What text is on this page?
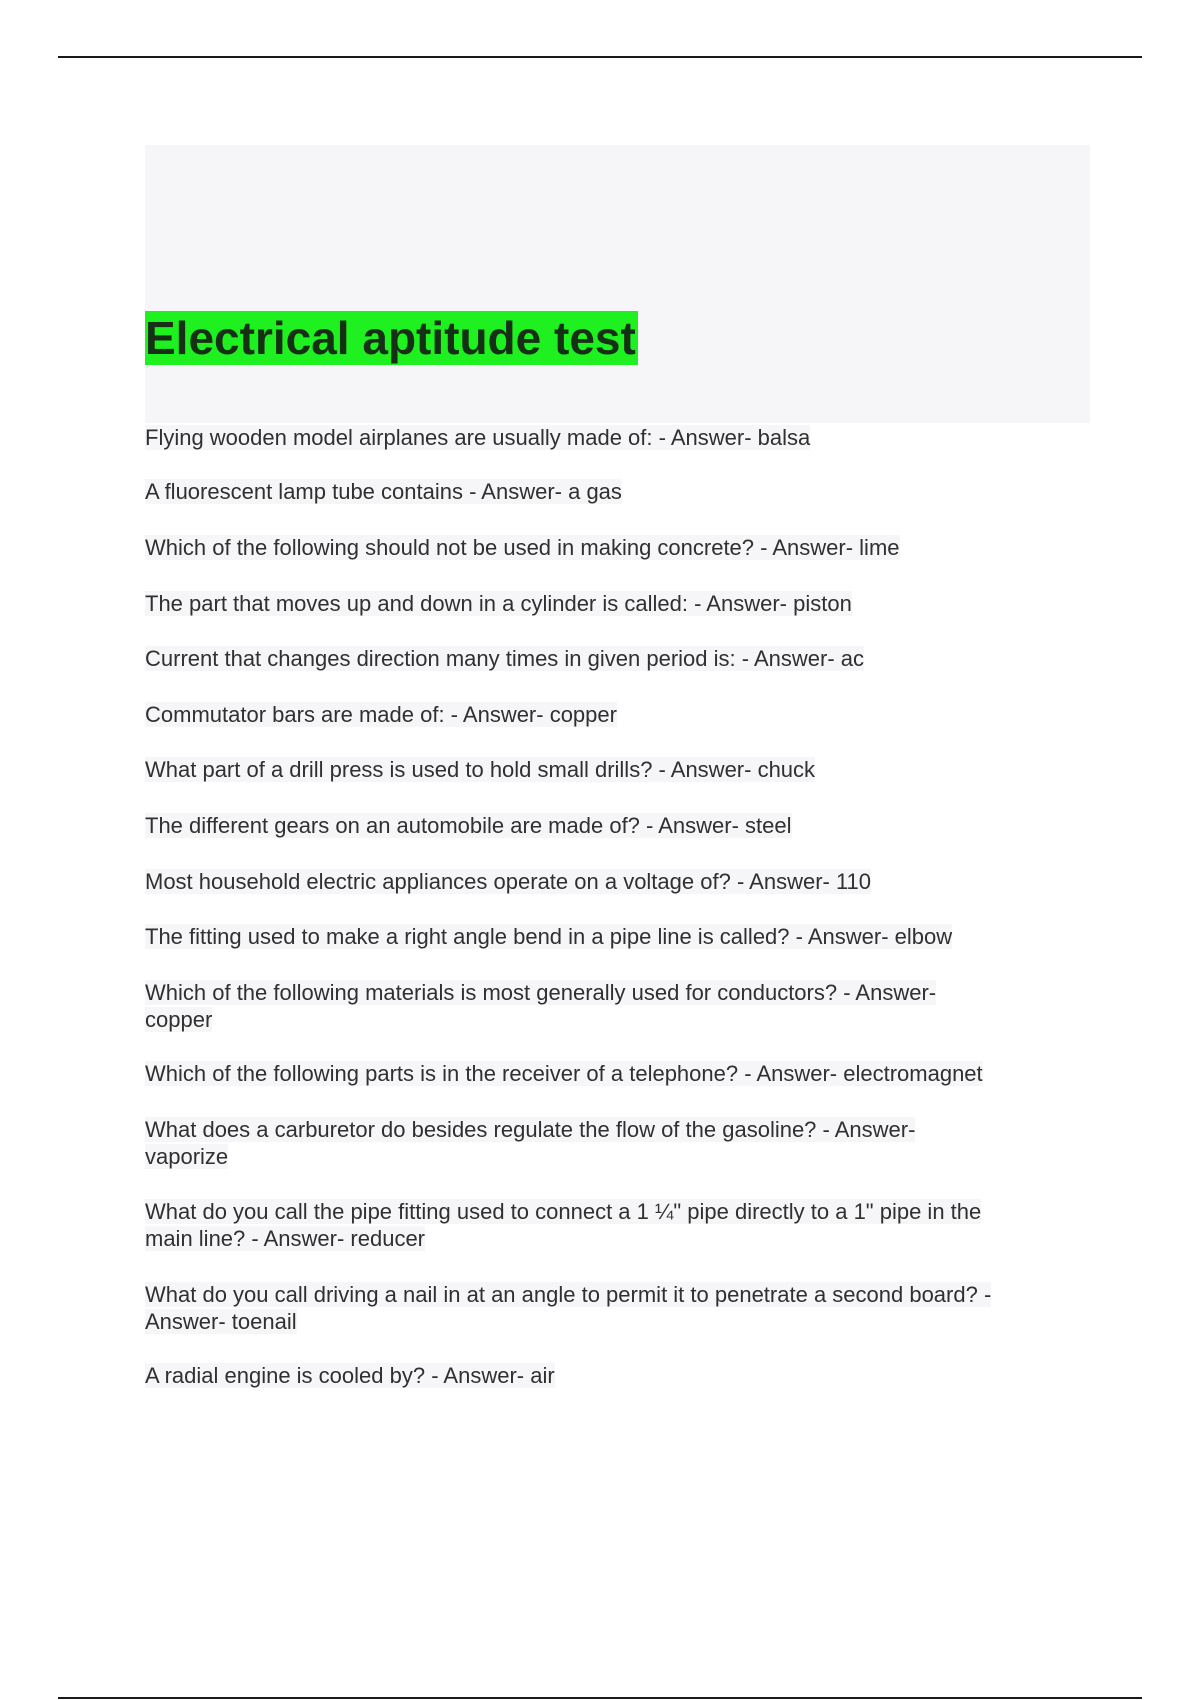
Electrical aptitude test
Flying wooden model airplanes are usually made of: - Answer- balsa
A fluorescent lamp tube contains - Answer- a gas
Which of the following should not be used in making concrete? - Answer- lime
The part that moves up and down in a cylinder is called: - Answer- piston
Current that changes direction many times in given period is: - Answer- ac
Commutator bars are made of: - Answer- copper
What part of a drill press is used to hold small drills? - Answer- chuck
The different gears on an automobile are made of? - Answer- steel
Most household electric appliances operate on a voltage of? - Answer- 110
The fitting used to make a right angle bend in a pipe line is called? - Answer- elbow
Which of the following materials is most generally used for conductors? - Answer-
copper
Which of the following parts is in the receiver of a telephone? - Answer- electromagnet
What does a carburetor do besides regulate the flow of the gasoline? - Answer-
vaporize
What do you call the pipe fitting used to connect a 1 ¼" pipe directly to a 1" pipe in the
main line? - Answer- reducer
What do you call driving a nail in at an angle to permit it to penetrate a second board? -
Answer- toenail
A radial engine is cooled by? - Answer- air
